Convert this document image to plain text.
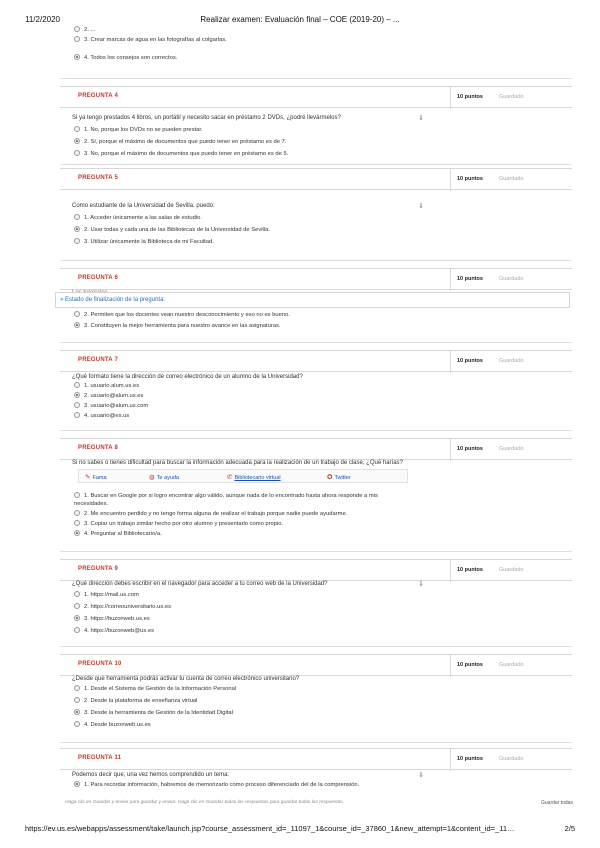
11/2/2020	Realizar examen: Evaluación final – COE (2019-20) – ...
2. ...
3. Crear marcas de agua en las fotografías al colgarlas.
4. Todos los consejos son correctos.
PREGUNTA 4	10 puntos	Guardado
Si ya tengo prestados 4 libros, un portátil y necesito sacar en préstamo 2 DVDs, ¿podré llevármelos?	⇓
1. No, porque los DVDs no se pueden prestar.
2. Sí, porque el máximo de documentos que puedo tener en préstamo es de 7.
3. No, porque el máximo de documentos que puedo tener en préstamo es de 5.
PREGUNTA 5	10 puntos	Guardado
Como estudiante de la Universidad de Sevilla, puedo:	⇓
1. Acceder únicamente a las salas de estudio.
2. Usar todas y cada una de las Bibliotecas de la Universidad de Sevilla.
3. Utilizar únicamente la Biblioteca de mi Facultad.
PREGUNTA 6	10 puntos	Guardado
2. Permiten que los docentes vean nuestro desconocimiento y eso no es bueno.
3. Constituyen la mejor herramienta para nuestro avance en las asignaturas.
PREGUNTA 7	10 puntos	Guardado
¿Qué formato tiene la dirección de correo electrónico de un alumno de la Universidad?
1. usuario.alum.us.es
2. usuario@alum.us.es
3. usuario@alum.us.com
4. usuario@es.us
PREGUNTA 8	10 puntos	Guardado
Si no sabes o tienes dificultad para buscar la información adecuada para la realización de un trabajo de clase, ¿Qué harías?
1. Buscar en Google por si logro encontrar algo válido, aunque nada de lo encontrado hasta ahora responde a mis necesidades.
2. Me encuentro perdido y no tengo forma alguna de realizar el trabajo porque nadie puede ayudarme.
3. Copiar un trabajo similar hecho por otro alumno y presentarlo como propio.
4. Preguntar al Bibliotecario/a.
PREGUNTA 9	10 puntos	Guardado
¿Qué dirección debes escribir en el navegador para acceder a tu correo web de la Universidad?	⇓
1. https://mail.us.com
2. https://correouniversitario.us.es
3. https://buzonweb.us.es
4. https://buzonweb@us.es
PREGUNTA 10	10 puntos	Guardado
¿Desde que herramienta podrás activar tu cuenta de correo electrónico universitario?
1. Desde el Sistema de Gestión de la Información Personal
2. Desde la plataforma de enseñanza virtual
3. Desde la herramienta de Gestión de la Identidad Digital
4. Desde buzonweb.us.es
PREGUNTA 11	10 puntos	Guardado
Podemos decir que, una vez hemos comprendido un tema:	⇓
1. Para recordar información, habremos de memorizarlo como proceso diferenciado del de la comprensión.
✎ Fama	◍ Te ayuda	✆ Bibliotecario virtual	✪ Twitter
» Estado de finalización de la pregunta:
Haga clic en Guardar y enviar para guardar y enviar. Haga clic en Guardar todas las respuestas para guardar todas las respuestas.	Guardar todas
https://ev.us.es/webapps/assessment/take/launch.jsp?course_assessment_id=_11097_1&course_id=_37860_1&new_attempt=1&content_id=_11…	2/5
